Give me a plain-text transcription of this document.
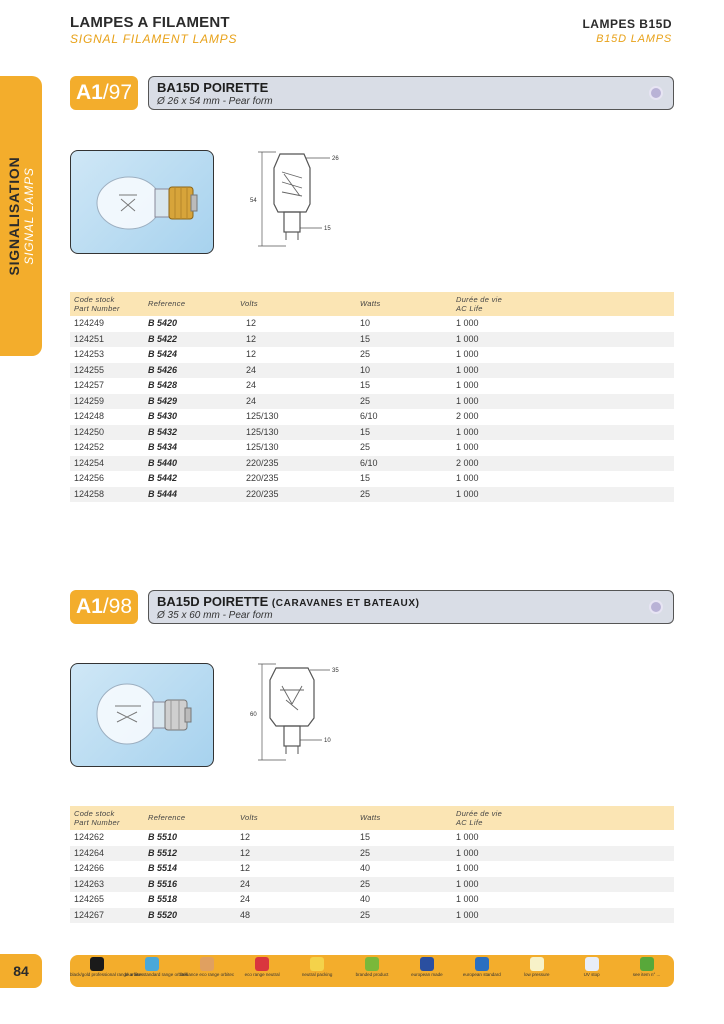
LAMPES A FILAMENT
SIGNAL FILAMENT LAMPS
LAMPES B15D
B15D LAMPS
SIGNALISATION SIGNAL LAMPS
A1 /97 BA15D POIRETTE
Ø 26 x 54 mm - Pear form
54
26
15
Code stock
Part Number
Reference	Volts	Watts	Durée de vie
AC Life
124249	B 5420	12	10	1 000
124251	B 5422	12	15	1 000
124253	B 5424	12	25	1 000
124255	B 5426	24	10	1 000
124257	B 5428	24	15	1 000
124259	B 5429	24	25	1 000
124248	B 5430	125/130	6/10	2 000
124250	B 5432	125/130	15	1 000
124252	B 5434	125/130	25	1 000
124254	B 5440	220/235	6/10	2 000
124256	B 5442	220/235	15	1 000
124258	B 5444	220/235	25	1 000
A1 /98 BA15D POIRETTE (CARAVANES ET BATEAUX)
Ø 35 x 60 mm - Pear form
60
35
10
Code stock
Part Number
Reference	Volts	Watts	Durée de vie
AC Life
124262	B 5510	12	15	1 000
124264	B 5512	12	25	1 000
124266	B 5514	12	40	1 000
124263	B 5516	24	25	1 000
124265	B 5518	24	40	1 000
124267	B 5520	48	25	1 000
84	black/gold professional range orbites
blue line standard range orbites
brilliance eco range orbitec	eco range neutral	neutral packing	branded product	european made	european standard	low pressure	UV stop	see item n° ...
